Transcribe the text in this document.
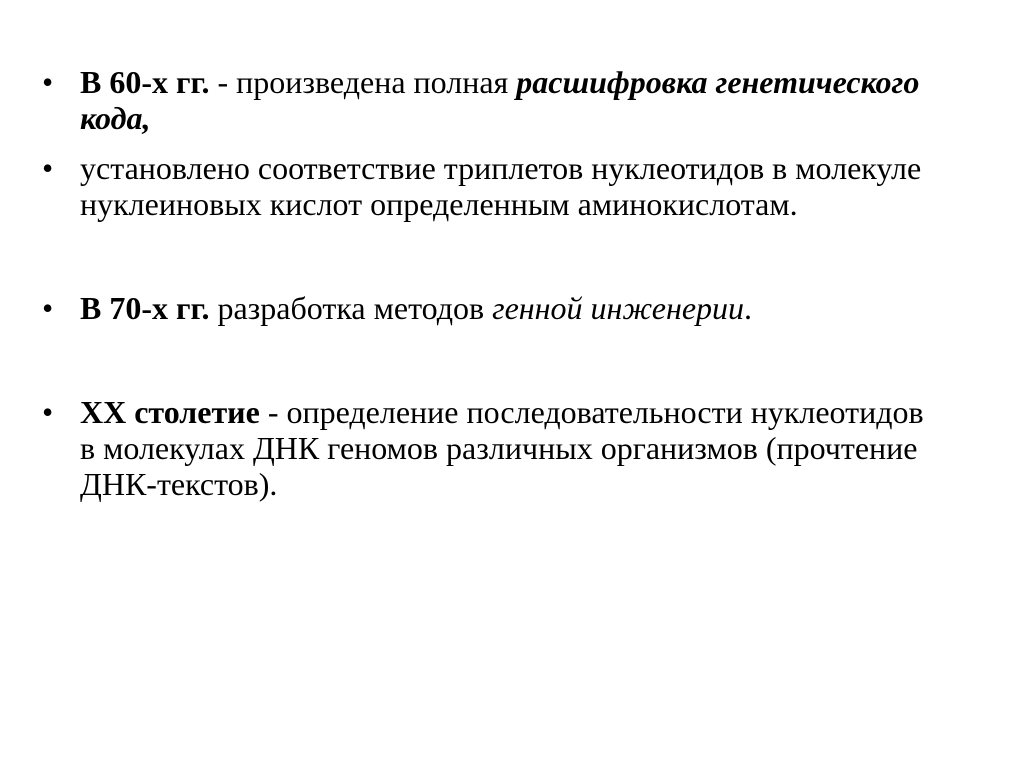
• В 60-х гг. - произведена полная расшифровка генетического кода,
• установлено соответствие триплетов нуклеотидов в молекуле нуклеиновых кислот определенным аминокислотам.
• В 70-х гг. разработка методов генной инженерии.
• XX столетие - определение последовательности нуклеотидов в молекулах ДНК геномов различных организмов (прочтение ДНК-текстов).
